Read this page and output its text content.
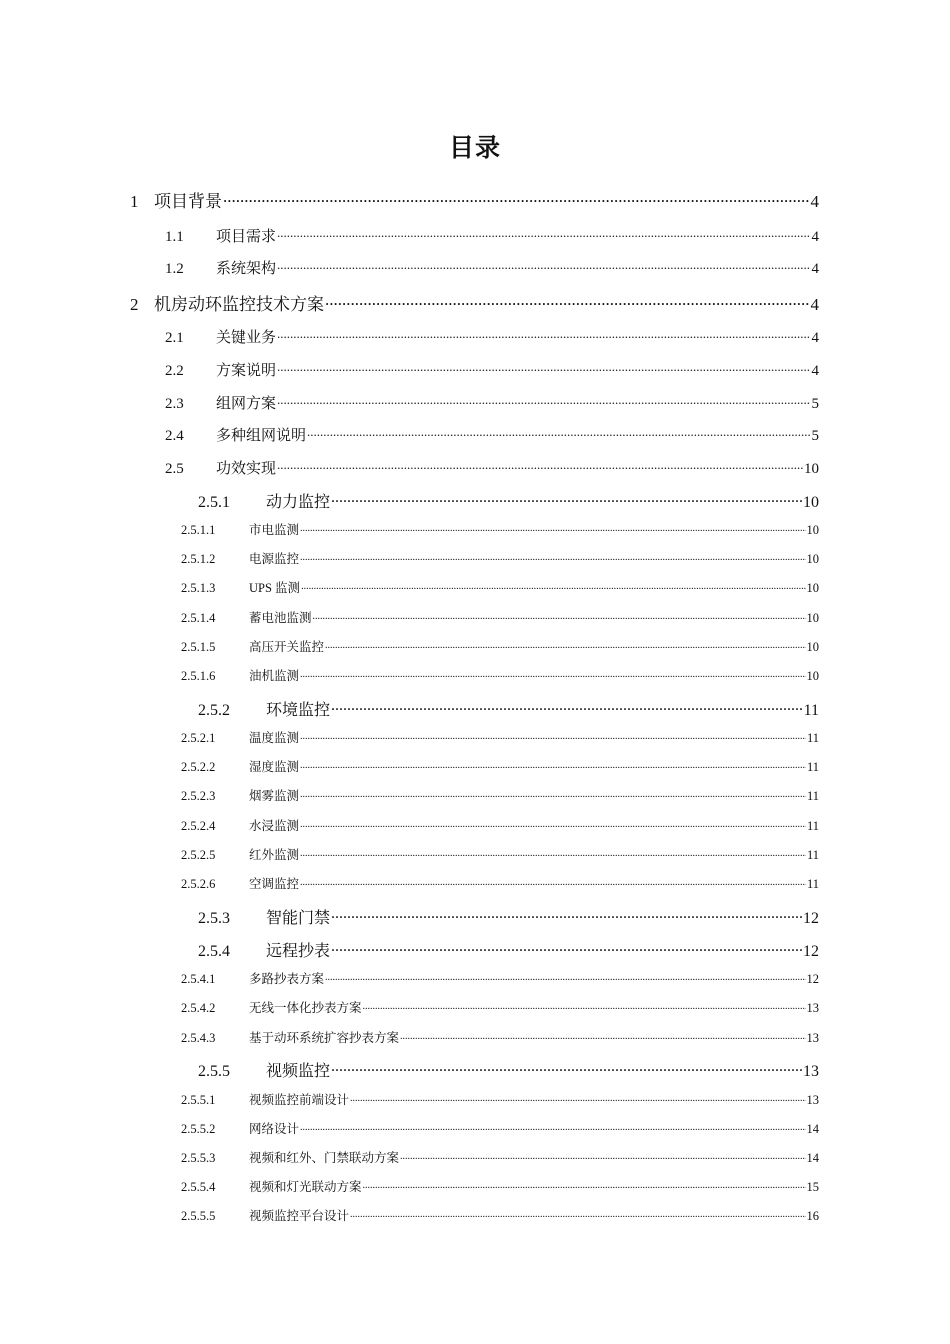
目录
1 项目背景 .....	4
1.1	项目需求 .....	4
1.2	系统架构 .....	4
2 机房动环监控技术方案 .....	4
2.1	关键业务 .....	4
2.2	方案说明 .....	4
2.3	组网方案 .....	5
2.4	多种组网说明 .....	5
2.5	功效实现 .....	10
2.5.1	动力监控 .....	10
2.5.1.1	市电监测 .....	10
2.5.1.2	电源监控 .....	10
2.5.1.3	UPS 监测 .....	10
2.5.1.4	蓄电池监测 .....	10
2.5.1.5	高压开关监控 .....	10
2.5.1.6	油机监测 .....	10
2.5.2	环境监控 .....	11
2.5.2.1	温度监测 .....	11
2.5.2.2	湿度监测 .....	11
2.5.2.3	烟雾监测 .....	11
2.5.2.4	水浸监测 .....	11
2.5.2.5	红外监测 .....	11
2.5.2.6	空调监控 .....	11
2.5.3	智能门禁 .....	12
2.5.4	远程抄表 .....	12
2.5.4.1	多路抄表方案 .....	12
2.5.4.2	无线一体化抄表方案 .....	13
2.5.4.3	基于动环系统扩容抄表方案 .....	13
2.5.5	视频监控 .....	13
2.5.5.1	视频监控前端设计 .....	13
2.5.5.2	网络设计 .....	14
2.5.5.3	视频和红外、门禁联动方案 .....	14
2.5.5.4	视频和灯光联动方案 .....	15
2.5.5.5	视频监控平台设计 .....	16
